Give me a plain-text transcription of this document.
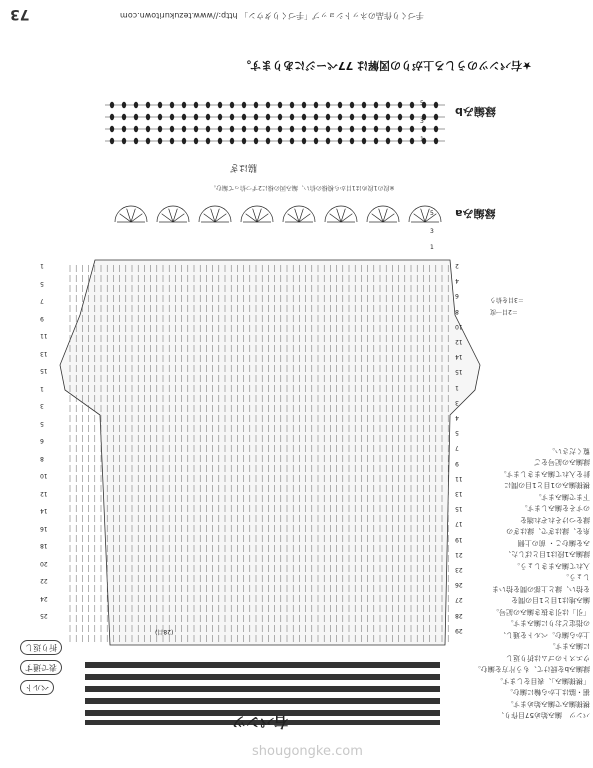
手づくり作品のネットショップ「手づくりタウン」 http://www.tezukuritown.com
73
★右パンツのうしろ上がりの図解は 77ページにあります。
縁編みb
5
3
1
脇はぎ
※段の1段めは1目から模様の拾い、編み図の様に2ずつ拾って編む。
縁編みa
5
3
1
＝3目を拾う
＝2目一度
1
5
7
9
11
13
15
1
3
5
6
8
10
12
14
16
18
20
22
24
25
2
4
6
8
10
12
14
15
1
3
4
5
7
9
11
13
15
17
19
21
23
26
27
28
29
(28目)
折り返し
表で通す
ベルト
パンツ　編み始め57目作り、
模様編みで編み始めます。
裾・脇は上から輪に編む。
「模様編み」、表目をします。
縁編みbを続けて、もう片方を編む。
ウエストのゴムは折り返し
に編みます。
上から編む。ベルトを通し、
の指定どおりに編みます。
「引」は引き抜き編みの記号。
編み地は1目と1目の間を
を拾い、縁と上部の間を拾いま
しょう。
入れて編みまきしょう。
縁編み1段は1目とばした、
みを編むこ・ 前の上側
糸を、縁はぎで、縁はぎの
縁をつけそれぞれ端を
のすそを編みします。
下まで編みます。
模様編みの1目と1目の間に
針を入れて編みまきします。
縁編みの記号をご
覧ください。
右パンツ
shougongke.com
